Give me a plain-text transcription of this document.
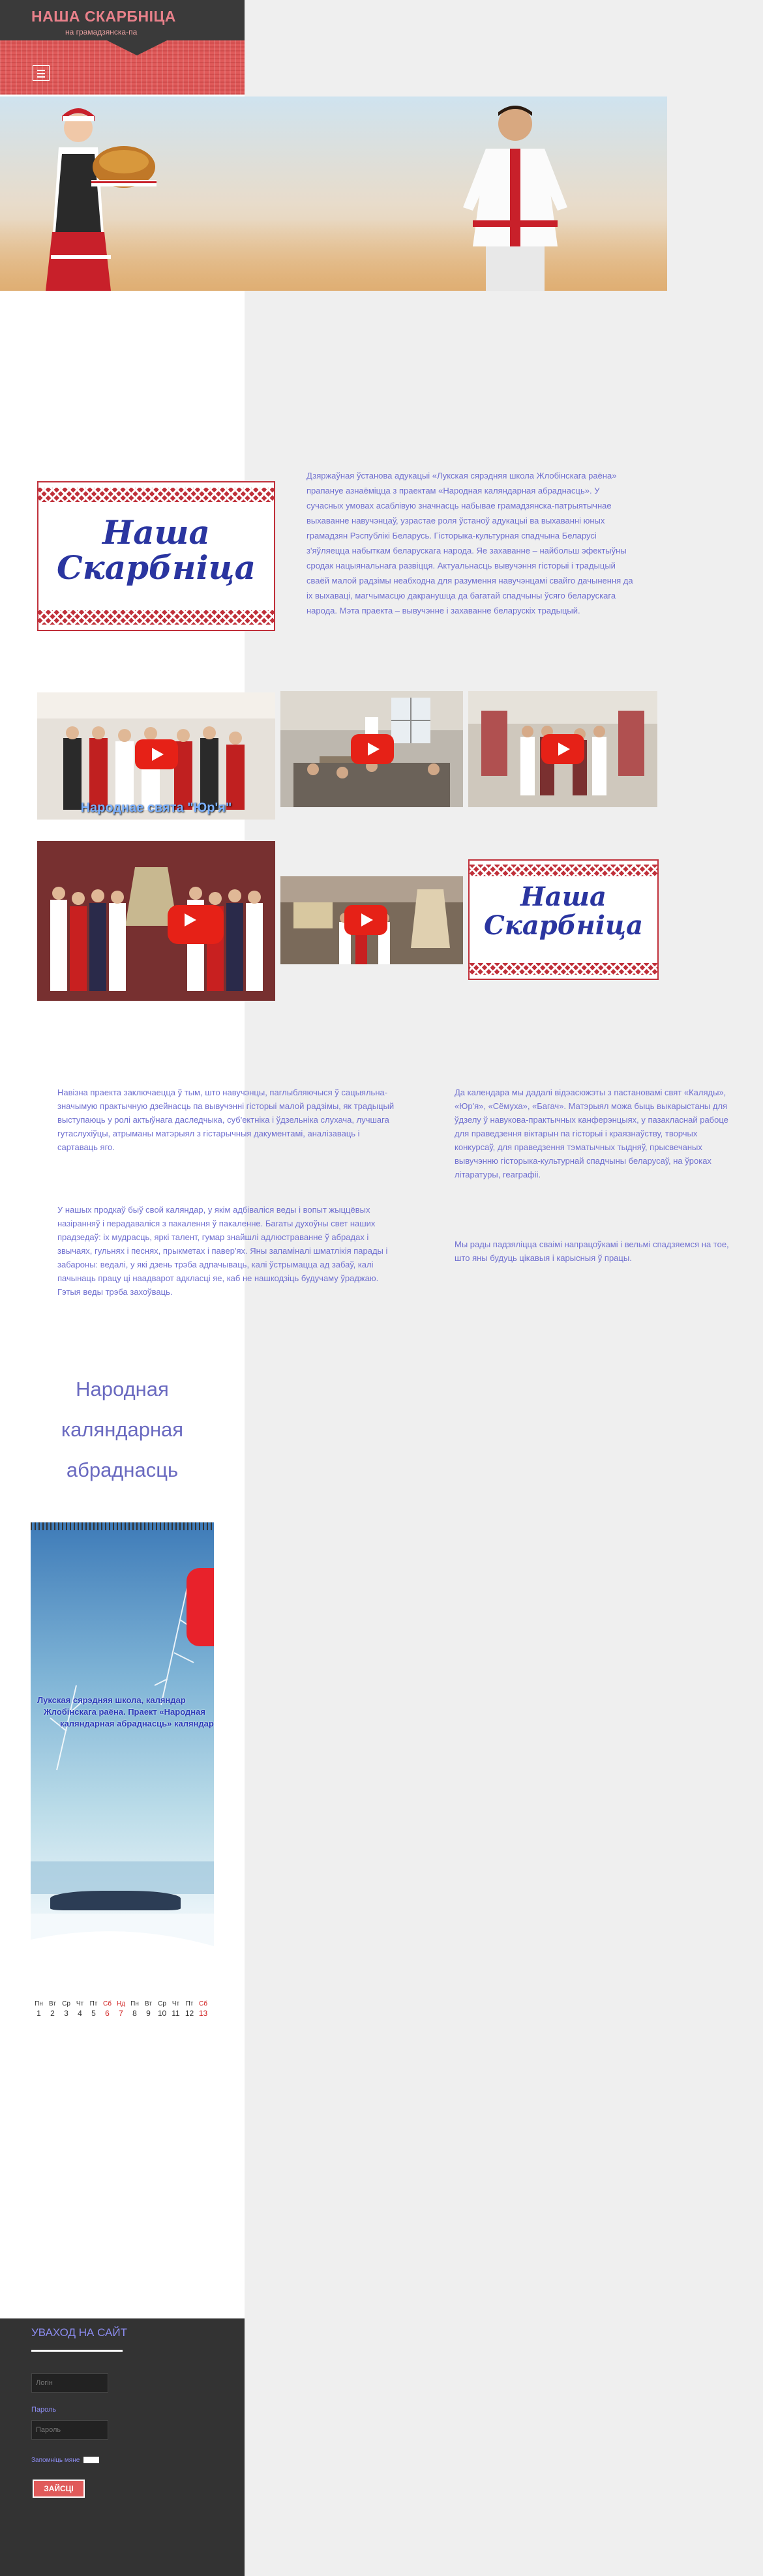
НАША СКАРБНІЦА
на грамадзянска-па
Наша
Скарбніца
Дзяржаўная ўстанова адукацыі «Лукская сярэдняя школа Жлобінскага раёна» прапануе азнаёміцца з праектам «Народная каляндарная абраднасць». У сучасных умовах асаблівую значнасць набывае грамадзянска-патрыятычнае выхаванне навучэнцаў, узрастае роля ўстаноў адукацыі ва выхаванні юных грамадзян Рэспублікі Беларусь. Гісторыка-культурная спадчына Беларусі з'яўляецца набыткам беларускага народа. Яе захаванне – найбольш эфектыўны сродак нацыянальнага развіцця. Актуальнасць вывучэння гісторыі і традыцый сваёй малой радзімы неабходна для разумення навучэнцамі свайго дачынення да іх выхаваці, магчымасцю дакранушца да багатай спадчыны ўсяго беларускага народа. Мэта праекта – вывучэнне і захаванне беларускіх традыцый.
Народнае свята "Юр'я"
Наша
Скарбніца
Навізна праекта заключаецца ў тым, што навучэнцы, паглыбляючыся ў сацыяльна-значымую практычную дзейнасць па вывучэнні гісторыі малой радзімы, як традыцый выступаюць у ролі актыўнага даследчыка, суб'ектніка і ўдзельніка слухача, лучшага гутаслухіўцы, атрыманы матэрыял з гістарычныя дакументамі, аналізаваць і сартаваць яго.
У нашых продкаў быў свой каляндар, у якім адбіваліся веды і вопыт жыццёвых назіранняў і перадаваліся з пакалення ў пакаленне. Багаты духоўны свет наших прадзедаў: іх мудрасць, яркі талент, гумар знайшлі адлюстраванне ў абрадах і звычаях, гульнях і песнях, прыкметах і павер'ях. Яны запаміналі шматлікія парады і забароны: ведалі, у які дзень трэба адпачываць, калі ўстрымацца ад забаў, калі пачынаць працу ці наадварот адкласці яе, каб не нашкодзіць будучаму ўраджаю. Гэтыя веды трэба захоўваць.
Да календара мы дадалі відэасюжэты з пастановамі свят «Каляды», «Юр'я», «Сёмуха», «Багач». Матэрыял можа быць выкарыстаны для ўдзелу ў навукова-практычных канферэнцыях, у пазакласнай рабоце для праведзення віктарын па гісторыі і краязнаўству, творчых конкурсаў, для праведзення тэматычных тыдняў, прысвечаных вывучэнню гісторыка-культурнай спадчыны беларусаў, на ўроках літаратуры, геаграфіі.
Мы рады падзяліцца сваімі напрацоўкамі і вельмі спадзяемся на тое, што яны будуць цікавыя і карысныя ў працы.
Народная
каляндарная
абраднасць
Лукская сярэдняя школа, каляндар
Жлобінскага раёна. Праект «Народная
каляндарная абраднасць» каляндар
Пн Вт Ср Чт Пт Сб Нд Пн Вт Ср Чт Пт Сб
1	2	3	4	5	6	7	8	9 10 11 12 13
УВАХОД НА САЙТ
Логін
Пароль
Запомніць мяне
ЗАЙСЦІ
